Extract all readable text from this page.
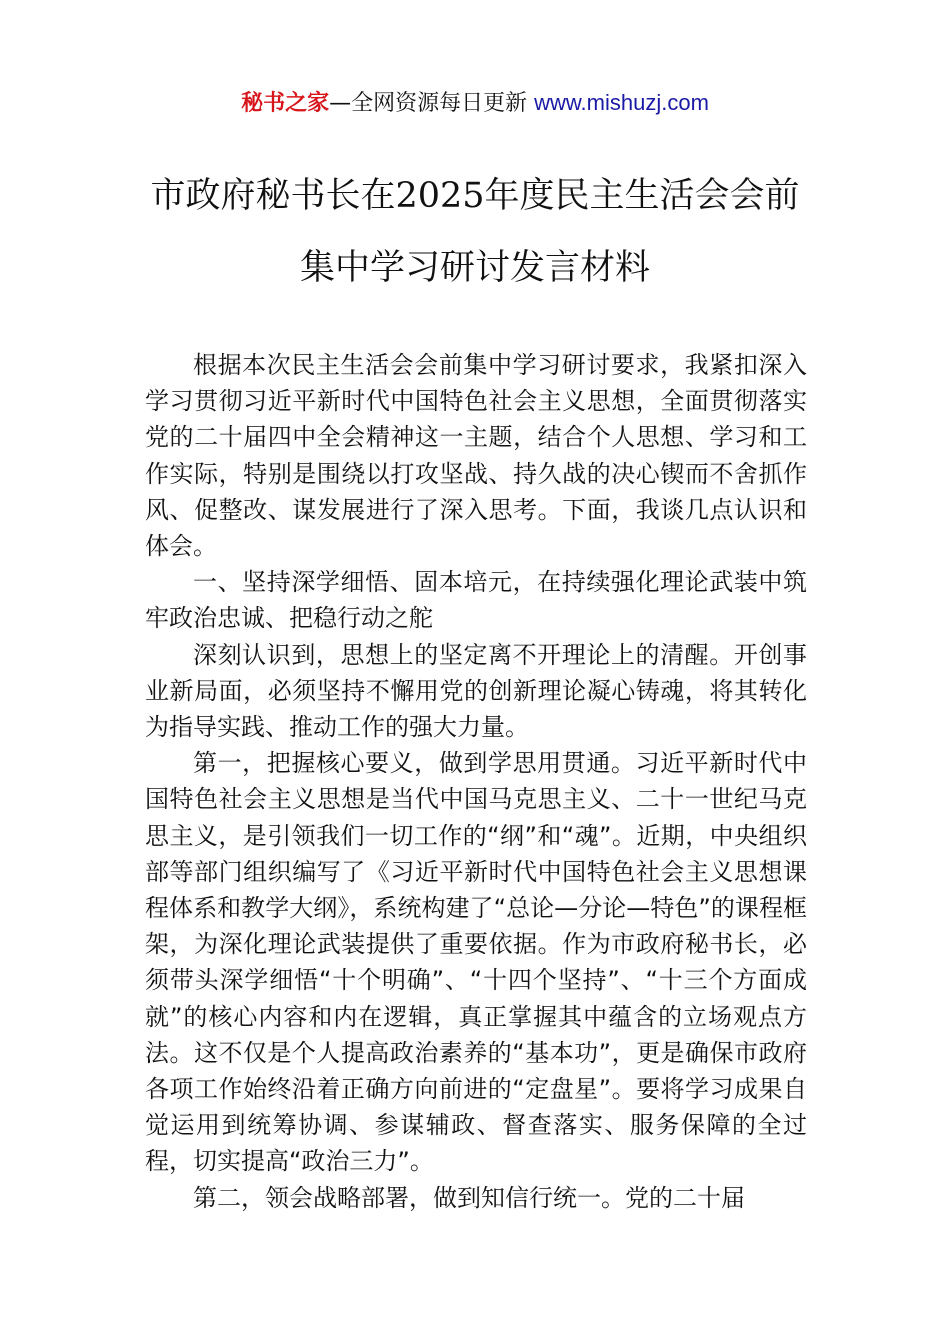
秘书之家—全网资源每日更新 www.mishuzj.com
市政府秘书长在2025年度民主生活会会前
集中学习研讨发言材料

根据本次民主生活会会前集中学习研讨要求，我紧扣深入学习贯彻习近平新时代中国特色社会主义思想，全面贯彻落实党的二十届四中全会精神这一主题，结合个人思想、学习和工作实际，特别是围绕以打攻坚战、持久战的决心锲而不舍抓作风、促整改、谋发展进行了深入思考。下面，我谈几点认识和体会。

一、坚持深学细悟、固本培元，在持续强化理论武装中筑牢政治忠诚、把稳行动之舵

深刻认识到，思想上的坚定离不开理论上的清醒。开创事业新局面，必须坚持不懈用党的创新理论凝心铸魂，将其转化为指导实践、推动工作的强大力量。

第一，把握核心要义，做到学思用贯通。习近平新时代中国特色社会主义思想是当代中国马克思主义、二十一世纪马克思主义，是引领我们一切工作的“纲”和“魂”。近期，中央组织部等部门组织编写了《习近平新时代中国特色社会主义思想课程体系和教学大纲》，系统构建了“总论—分论—特色”的课程框架，为深化理论武装提供了重要依据。作为市政府秘书长，必须带头深学细悟“十个明确”、“十四个坚持”、“十三个方面成就”的核心内容和内在逻辑，真正掌握其中蕴含的立场观点方法。这不仅是个人提高政治素养的“基本功”，更是确保市政府各项工作始终沿着正确方向前进的“定盘星”。要将学习成果自觉运用到统筹协调、参谋辅政、督查落实、服务保障的全过程，切实提高“政治三力”。

第二，领会战略部署，做到知信行统一。党的二十届
